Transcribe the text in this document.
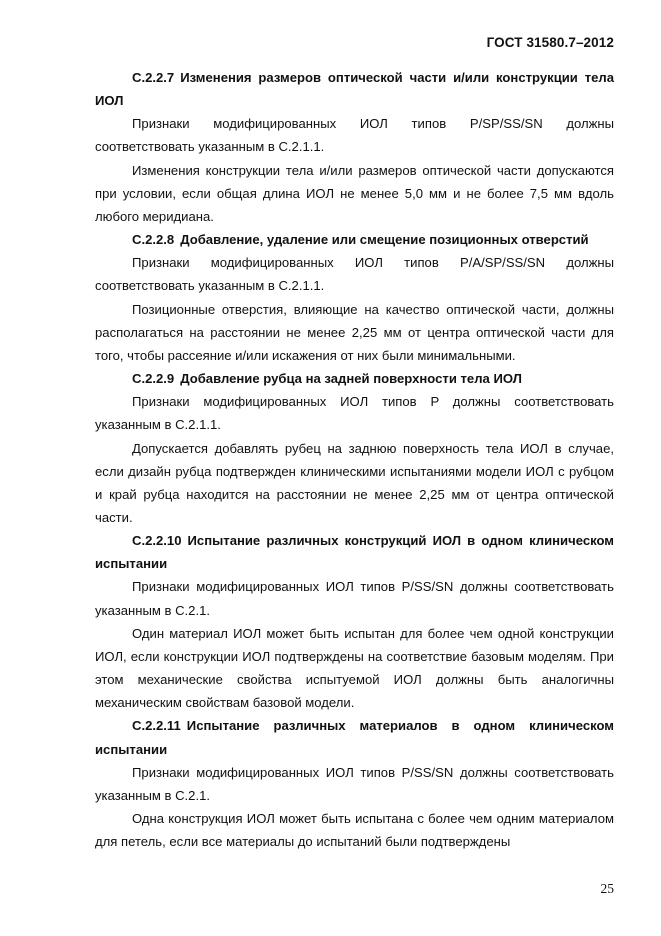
ГОСТ 31580.7–2012

C.2.2.7 Изменения размеров оптической части и/или конструкции тела ИОЛ

Признаки модифицированных ИОЛ типов P/SP/SS/SN должны соответствовать указанным в C.2.1.1.

Изменения конструкции тела и/или размеров оптической части допускаются при условии, если общая длина ИОЛ не менее 5,0 мм и не более 7,5 мм вдоль любого меридиана.

C.2.2.8 Добавление, удаление или смещение позиционных отверстий

Признаки модифицированных ИОЛ типов P/A/SP/SS/SN должны соответствовать указанным в C.2.1.1.

Позиционные отверстия, влияющие на качество оптической части, должны располагаться на расстоянии не менее 2,25 мм от центра оптической части для того, чтобы рассеяние и/или искажения от них были минимальными.

C.2.2.9 Добавление рубца на задней поверхности тела ИОЛ

Признаки модифицированных ИОЛ типов P должны соответствовать указанным в C.2.1.1.

Допускается добавлять рубец на заднюю поверхность тела ИОЛ в случае, если дизайн рубца подтвержден клиническими испытаниями модели ИОЛ с рубцом и край рубца находится на расстоянии не менее 2,25 мм от центра оптической части.

C.2.2.10 Испытание различных конструкций ИОЛ в одном клиническом испытании

Признаки модифицированных ИОЛ типов P/SS/SN должны соответствовать указанным в C.2.1.

Один материал ИОЛ может быть испытан для более чем одной конструкции ИОЛ, если конструкции ИОЛ подтверждены на соответствие базовым моделям. При этом механические свойства испытуемой ИОЛ должны быть аналогичны механическим свойствам базовой модели.

C.2.2.11 Испытание различных материалов в одном клиническом испытании

Признаки модифицированных ИОЛ типов P/SS/SN должны соответствовать указанным в C.2.1.

Одна конструкция ИОЛ может быть испытана с более чем одним материалом для петель, если все материалы до испытаний были подтверждены

25
